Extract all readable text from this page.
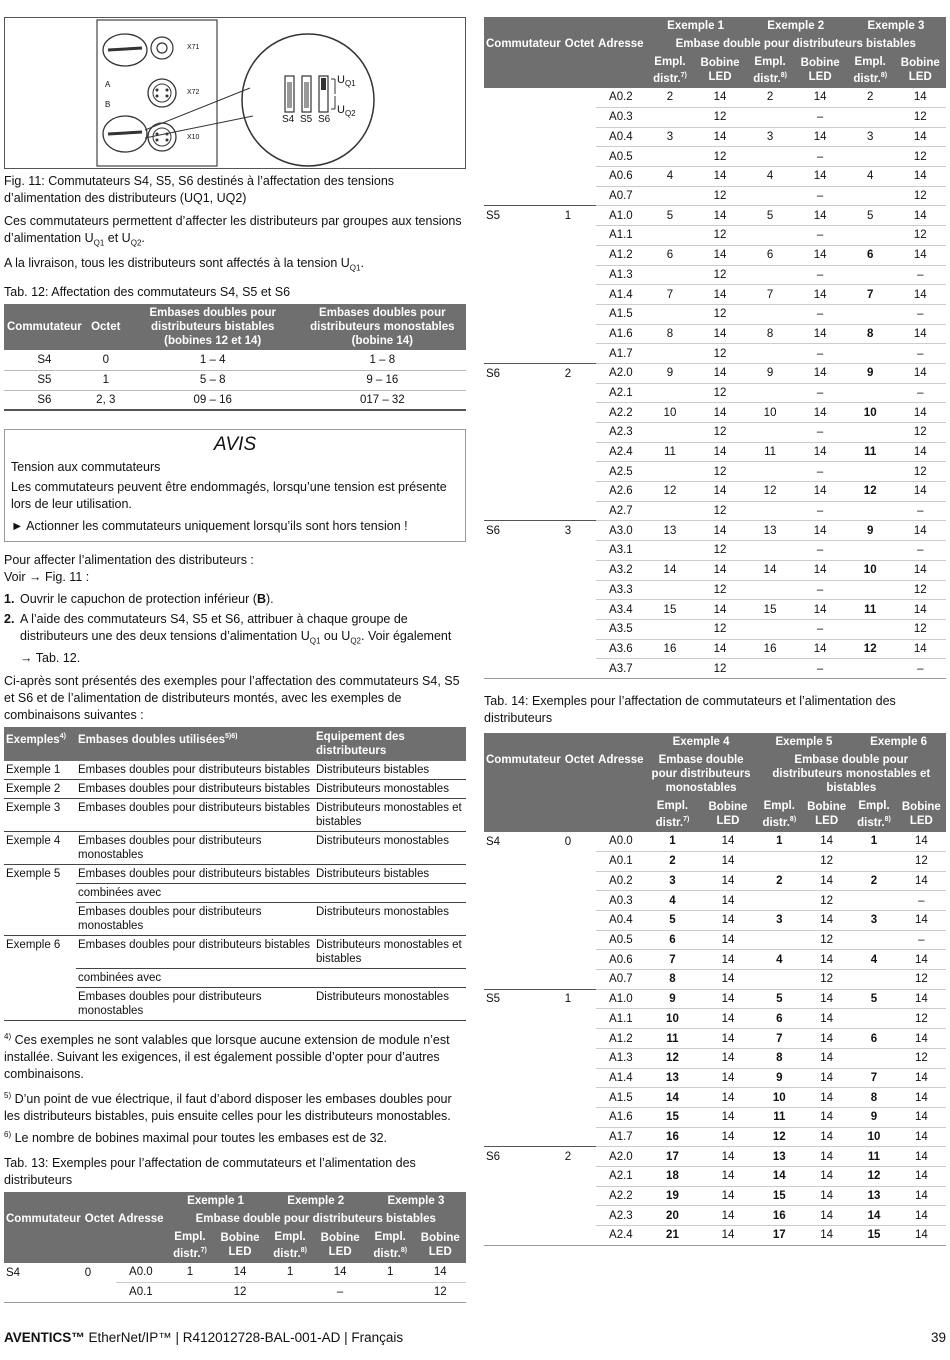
X71
X72
X10
A
B
S4 S5 S6
$U_{Q1}$
$U_{Q2}$
Fig. 11: Commutateurs S4, S5, S6 destinés à l’affectation des tensions d’alimentation des distributeurs (UQ1, UQ2)

Ces commutateurs permettent d’affecter les distributeurs par groupes aux tensions d’alimentation $U_{Q1}$ et $U_{Q2}$.

A la livraison, tous les distributeurs sont affectés à la tension $U_{Q1}$.

Tab. 12: Affectation des commutateurs S4, S5 et S6
Commutateur	Octet	Embases doubles pour distributeurs bistables (bobines 12 et 14)	Embases doubles pour distributeurs monostables (bobine 14)
S4	0	1 – 4	1 – 8
S5	1	5 – 8	9 – 16
S6	2, 3	09 – 16	017 – 32
AVIS
Tension aux commutateurs

Les commutateurs peuvent être endommagés, lorsqu’une tension est présente lors de leur utilisation.

► Actionner les commutateurs uniquement lorsqu’ils sont hors tension !

Pour affecter l’alimentation des distributeurs :

Voir → Fig. 11 :

1. Ouvrir le capuchon de protection inférieur (B).
2. A l’aide des commutateurs S4, S5 et S6, attribuer à chaque groupe de distributeurs une des deux tensions d’alimentation $U_{Q1}$ ou $U_{Q2}$. Voir également → Tab. 12.

Ci-après sont présentés des exemples pour l’affectation des commutateurs S4, S5 et S6 et de l’alimentation de distributeurs montés, avec les exemples de combinaisons suivantes :

Exemples$^{4)}$	Embases doubles utilisées$^{5)6)}$	Equipement des distributeurs
Exemple 1	Embases doubles pour distributeurs bistables	Distributeurs bistables
Exemple 2	Embases doubles pour distributeurs bistables	Distributeurs monostables
Exemple 3	Embases doubles pour distributeurs bistables	Distributeurs monostables et bistables
Exemple 4	Embases doubles pour distributeurs monostables	Distributeurs monostables
Exemple 5	Embases doubles pour distributeurs bistables	Distributeurs bistables
	combinées avec	
	Embases doubles pour distributeurs monostables	Distributeurs monostables
Exemple 6	Embases doubles pour distributeurs bistables	Distributeurs monostables et bistables
	combinées avec	
	Embases doubles pour distributeurs monostables	Distributeurs monostables

$^{4)}$ Ces exemples ne sont valables que lorsque aucune extension de module n’est installée. Suivant les exigences, il est également possible d’opter pour d’autres combinaisons.

$^{5)}$ D’un point de vue électrique, il faut d’abord disposer les embases doubles pour les distributeurs bistables, puis ensuite celles pour les distributeurs monostables.

$^{6)}$ Le nombre de bobines maximal pour toutes les embases est de 32.

Tab. 13: Exemples pour l’affectation de commutateurs et l’alimentation des distributeurs
			Exemple 1		Exemple 2		Exemple 3	
Commutateur	Octet	Adresse	Embase double pour distributeurs bistables					
			Empl. distr.$^{7)}$	Bobine LED	Empl. distr.$^{8)}$	Bobine LED	Empl. distr.$^{8)}$	Bobine LED
S4	0	A0.0	1	14	1	14	1	14
		A0.1		12		–		12
			Exemple 1		Exemple 2		Exemple 3	
Commutateur	Octet	Adresse	Embase double pour distributeurs bistables					
			Empl. distr.$^{7)}$	Bobine LED	Empl. distr.$^{8)}$	Bobine LED	Empl. distr.$^{8)}$	Bobine LED
		A0.2	2	14	2	14	2	14
		A0.3		12		–		12
		A0.4	3	14	3	14	3	14
		A0.5		12		–		12
		A0.6	4	14	4	14	4	14
		A0.7		12		–		12
S5	1	A1.0	5	14	5	14	5	14
		A1.1		12		–		12
		A1.2	6	14	6	14	6	14
		A1.3		12		–		–
		A1.4	7	14	7	14	7	14
		A1.5		12		–		–
		A1.6	8	14	8	14	8	14
		A1.7		12		–		–
S6	2	A2.0	9	14	9	14	9	14
		A2.1		12		–		–
		A2.2	10	14	10	14	10	14
		A2.3		12		–		12
		A2.4	11	14	11	14	11	14
		A2.5		12		–		12
		A2.6	12	14	12	14	12	14
		A2.7		12		–		–
S6	3	A3.0	13	14	13	14	9	14
		A3.1		12		–		–
		A3.2	14	14	14	14	10	14
		A3.3		12		–		12
		A3.4	15	14	15	14	11	14
		A3.5		12		–		12
		A3.6	16	14	16	14	12	14
		A3.7		12		–		–
Tab. 14: Exemples pour l’affectation de commutateurs et l’alimentation des distributeurs
			Exemple 4		Exemple 5		Exemple 6	
Commutateur	Octet	Adresse	Embase double pour distributeurs monostables		Embase double pour distributeurs monostables et bistables			
			Empl. distr.$^{7)}$	Bobine LED	Empl. distr.$^{8)}$	Bobine LED	Empl. distr.$^{8)}$	Bobine LED
S4	0	A0.0	1	14	1	14	1	14
		A0.1	2	14		12		12
		A0.2	3	14	2	14	2	14
		A0.3	4	14		12		–
		A0.4	5	14	3	14	3	14
		A0.5	6	14		12		–
		A0.6	7	14	4	14	4	14
		A0.7	8	14		12		12
S5	1	A1.0	9	14	5	14	5	14
		A1.1	10	14	6	14		12
		A1.2	11	14	7	14	6	14
		A1.3	12	14	8	14		12
		A1.4	13	14	9	14	7	14
		A1.5	14	14	10	14	8	14
		A1.6	15	14	11	14	9	14
		A1.7	16	14	12	14	10	14
S6	2	A2.0	17	14	13	14	11	14
		A2.1	18	14	14	14	12	14
		A2.2	19	14	15	14	13	14
		A2.3	20	14	16	14	14	14
		A2.4	21	14	17	14	15	14
AVENTICS™ EtherNet/IP™ | R412012728-BAL-001-AD | Français	39
